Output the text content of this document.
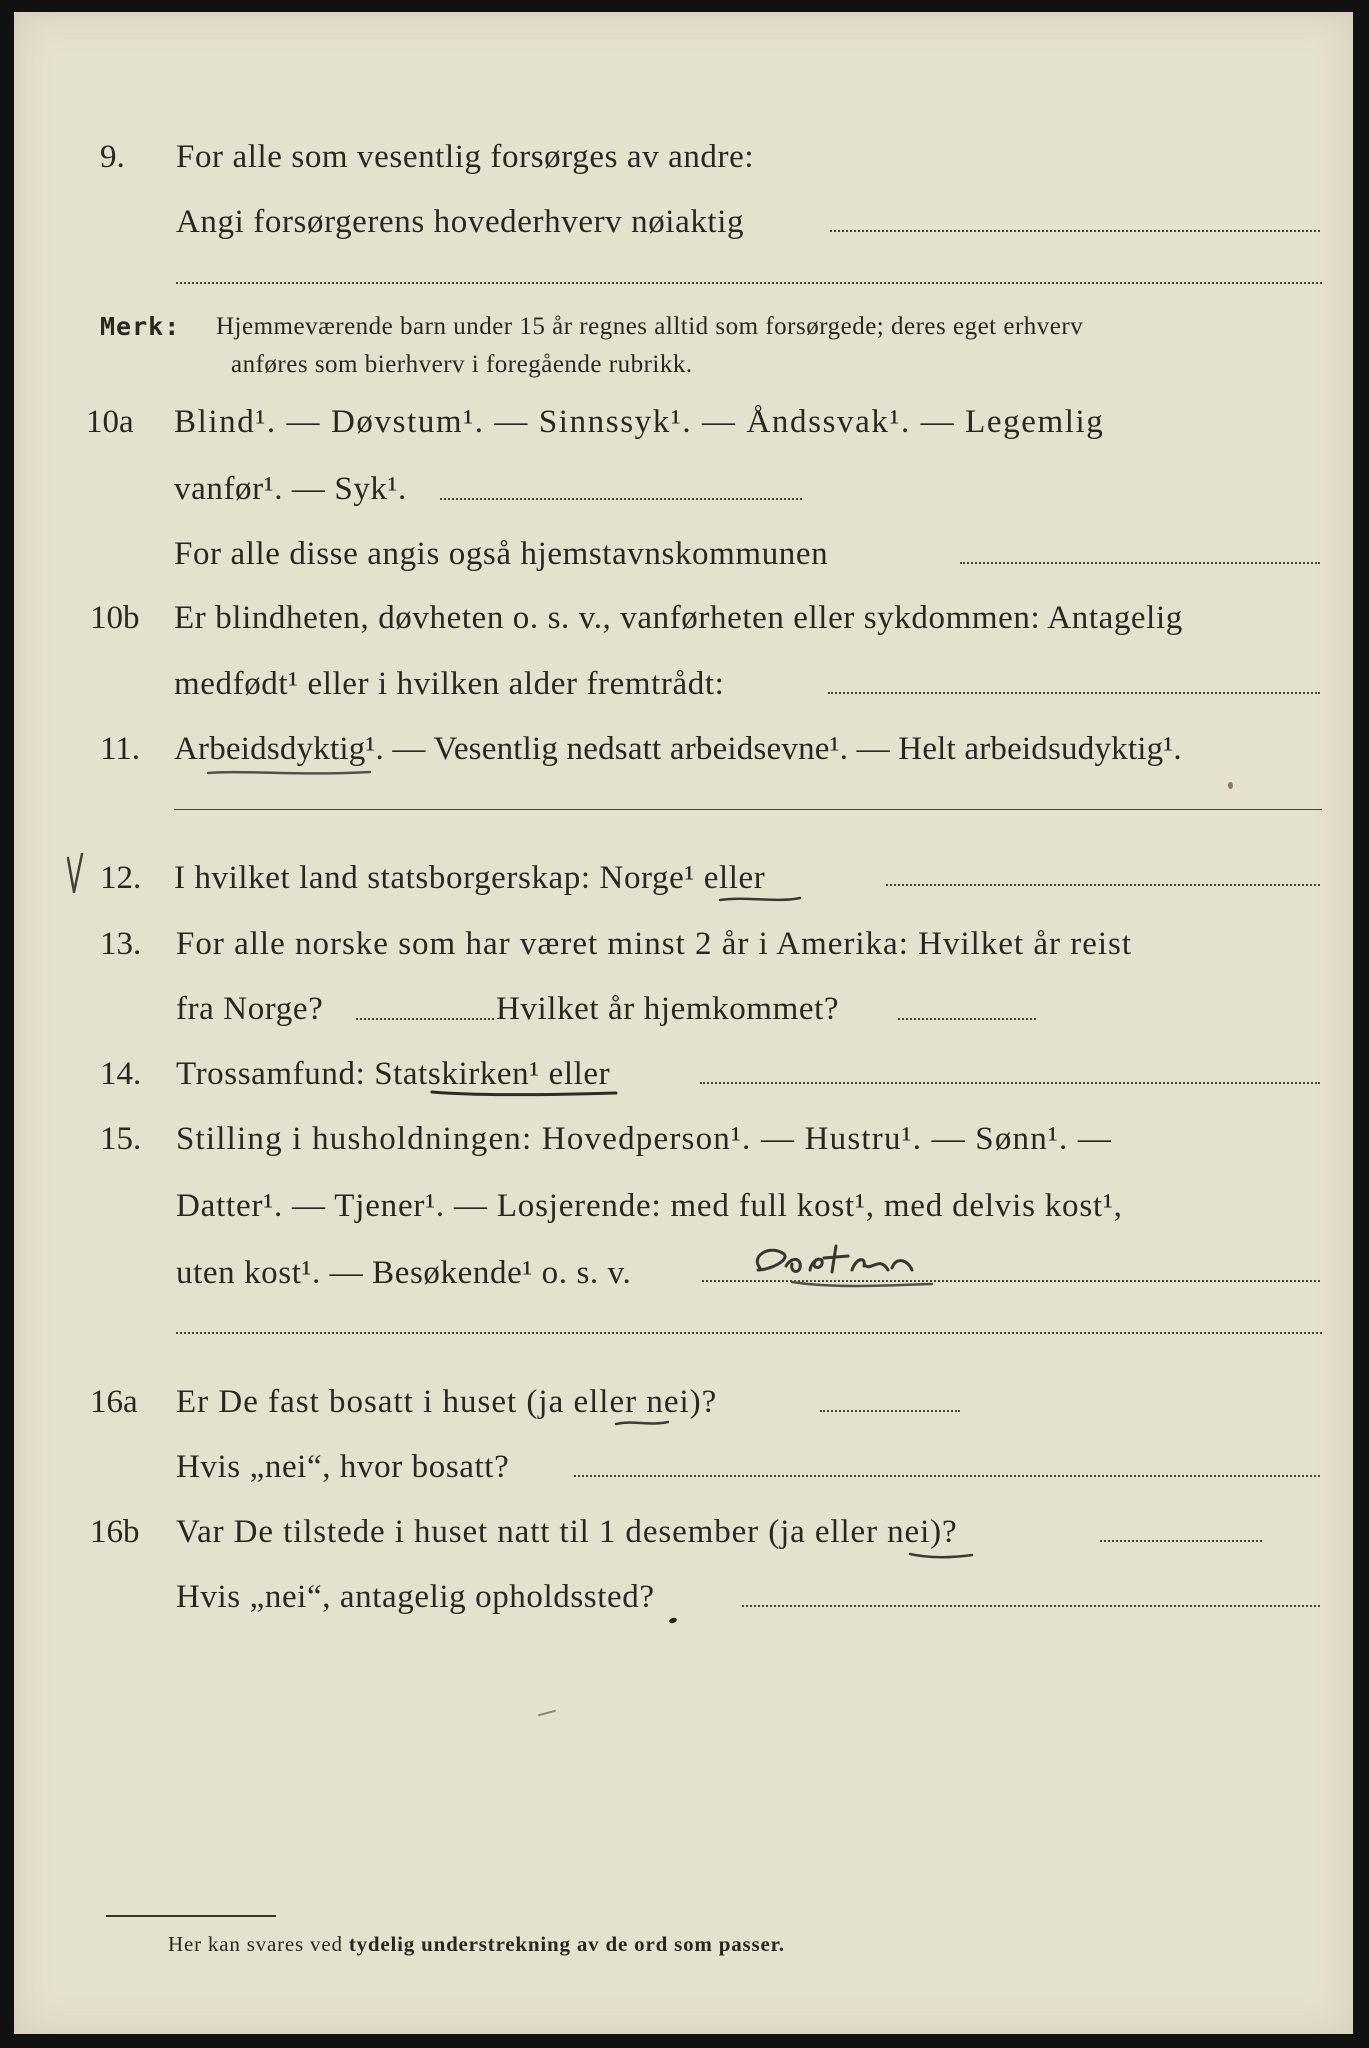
9. For alle som vesentlig forsørges av andre:
Angi forsørgerens hovederhverv nøiaktig
Merk: Hjemmeværende barn under 15 år regnes alltid som forsørgede; deres eget erhverv
anføres som bierhverv i foregående rubrikk.
10a Blind¹. — Døvstum¹. — Sinnssyk¹. — Åndssvak¹. — Legemlig
vanfør¹. — Syk¹.
For alle disse angis også hjemstavnskommunen
10b Er blindheten, døvheten o. s. v., vanførheten eller sykdommen: Antagelig
medfødt¹ eller i hvilken alder fremtrådt:
11. Arbeidsdyktig¹. — Vesentlig nedsatt arbeidsevne¹. — Helt arbeidsudyktig¹.
12. I hvilket land statsborgerskap: Norge¹ eller
13. For alle norske som har været minst 2 år i Amerika: Hvilket år reist
fra Norge?	Hvilket år hjemkommet?
14. Trossamfund: Statskirken¹ eller
15. Stilling i husholdningen: Hovedperson¹. — Hustru¹. — Sønn¹. —
Datter¹. — Tjener¹. — Losjerende: med full kost¹, med delvis kost¹,
uten kost¹. — Besøkende¹ o. s. v.
16a Er De fast bosatt i huset (ja eller nei)?
Hvis „nei“, hvor bosatt?
16b Var De tilstede i huset natt til 1 desember (ja eller nei)?
Hvis „nei“, antagelig opholdssted?
Her kan svares ved tydelig understrekning av de ord som passer.
